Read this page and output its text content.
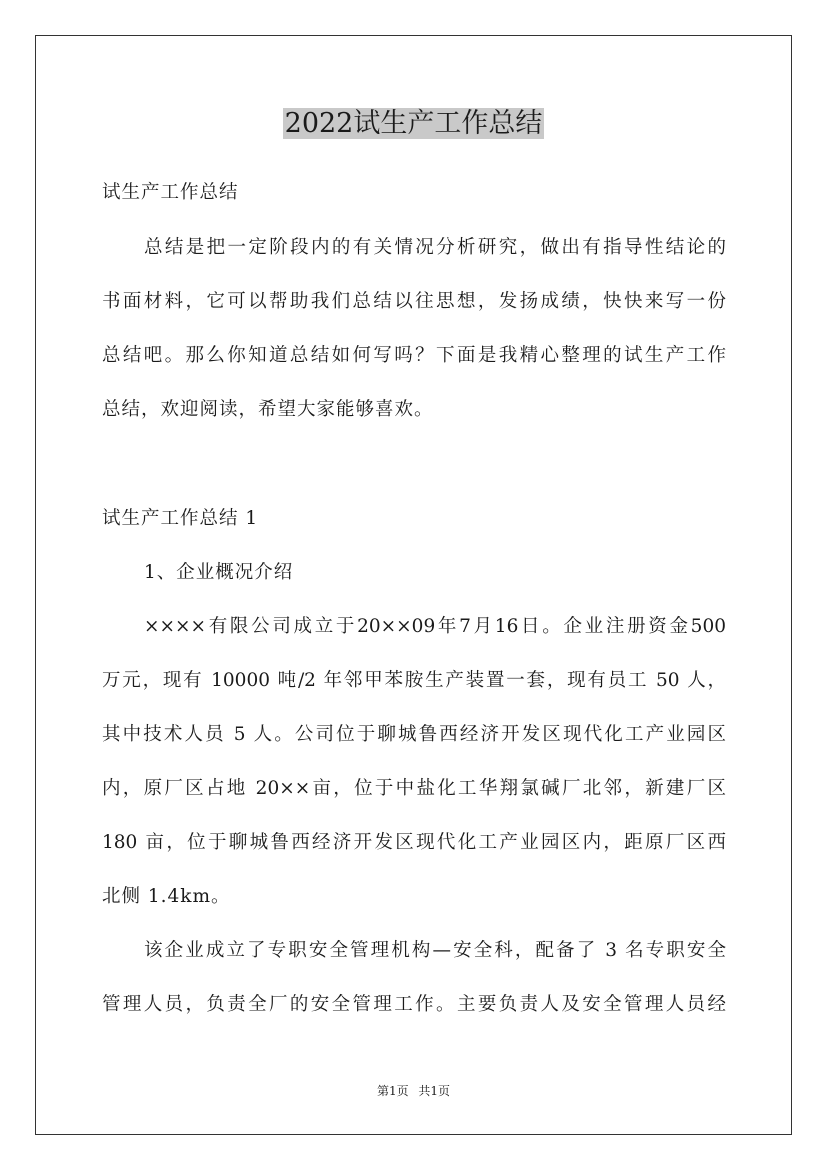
2022试生产工作总结
试生产工作总结
总结是把一定阶段内的有关情况分析研究，做出有指导性结论的
书面材料，它可以帮助我们总结以往思想，发扬成绩，快快来写一份
总结吧。那么你知道总结如何写吗？下面是我精心整理的试生产工作
总结，欢迎阅读，希望大家能够喜欢。
试生产工作总结 1
1、企业概况介绍
××××有限公司成立于20××09年7月16日。企业注册资金500
万元，现有 10000 吨/2 年邻甲苯胺生产装置一套，现有员工 50 人，
其中技术人员 5 人。公司位于聊城鲁西经济开发区现代化工产业园区
内，原厂区占地 20××亩，位于中盐化工华翔氯碱厂北邻，新建厂区
180 亩，位于聊城鲁西经济开发区现代化工产业园区内，距原厂区西
北侧 1.4km。
该企业成立了专职安全管理机构—安全科，配备了 3 名专职安全
管理人员，负责全厂的安全管理工作。主要负责人及安全管理人员经
第1页 共1页
